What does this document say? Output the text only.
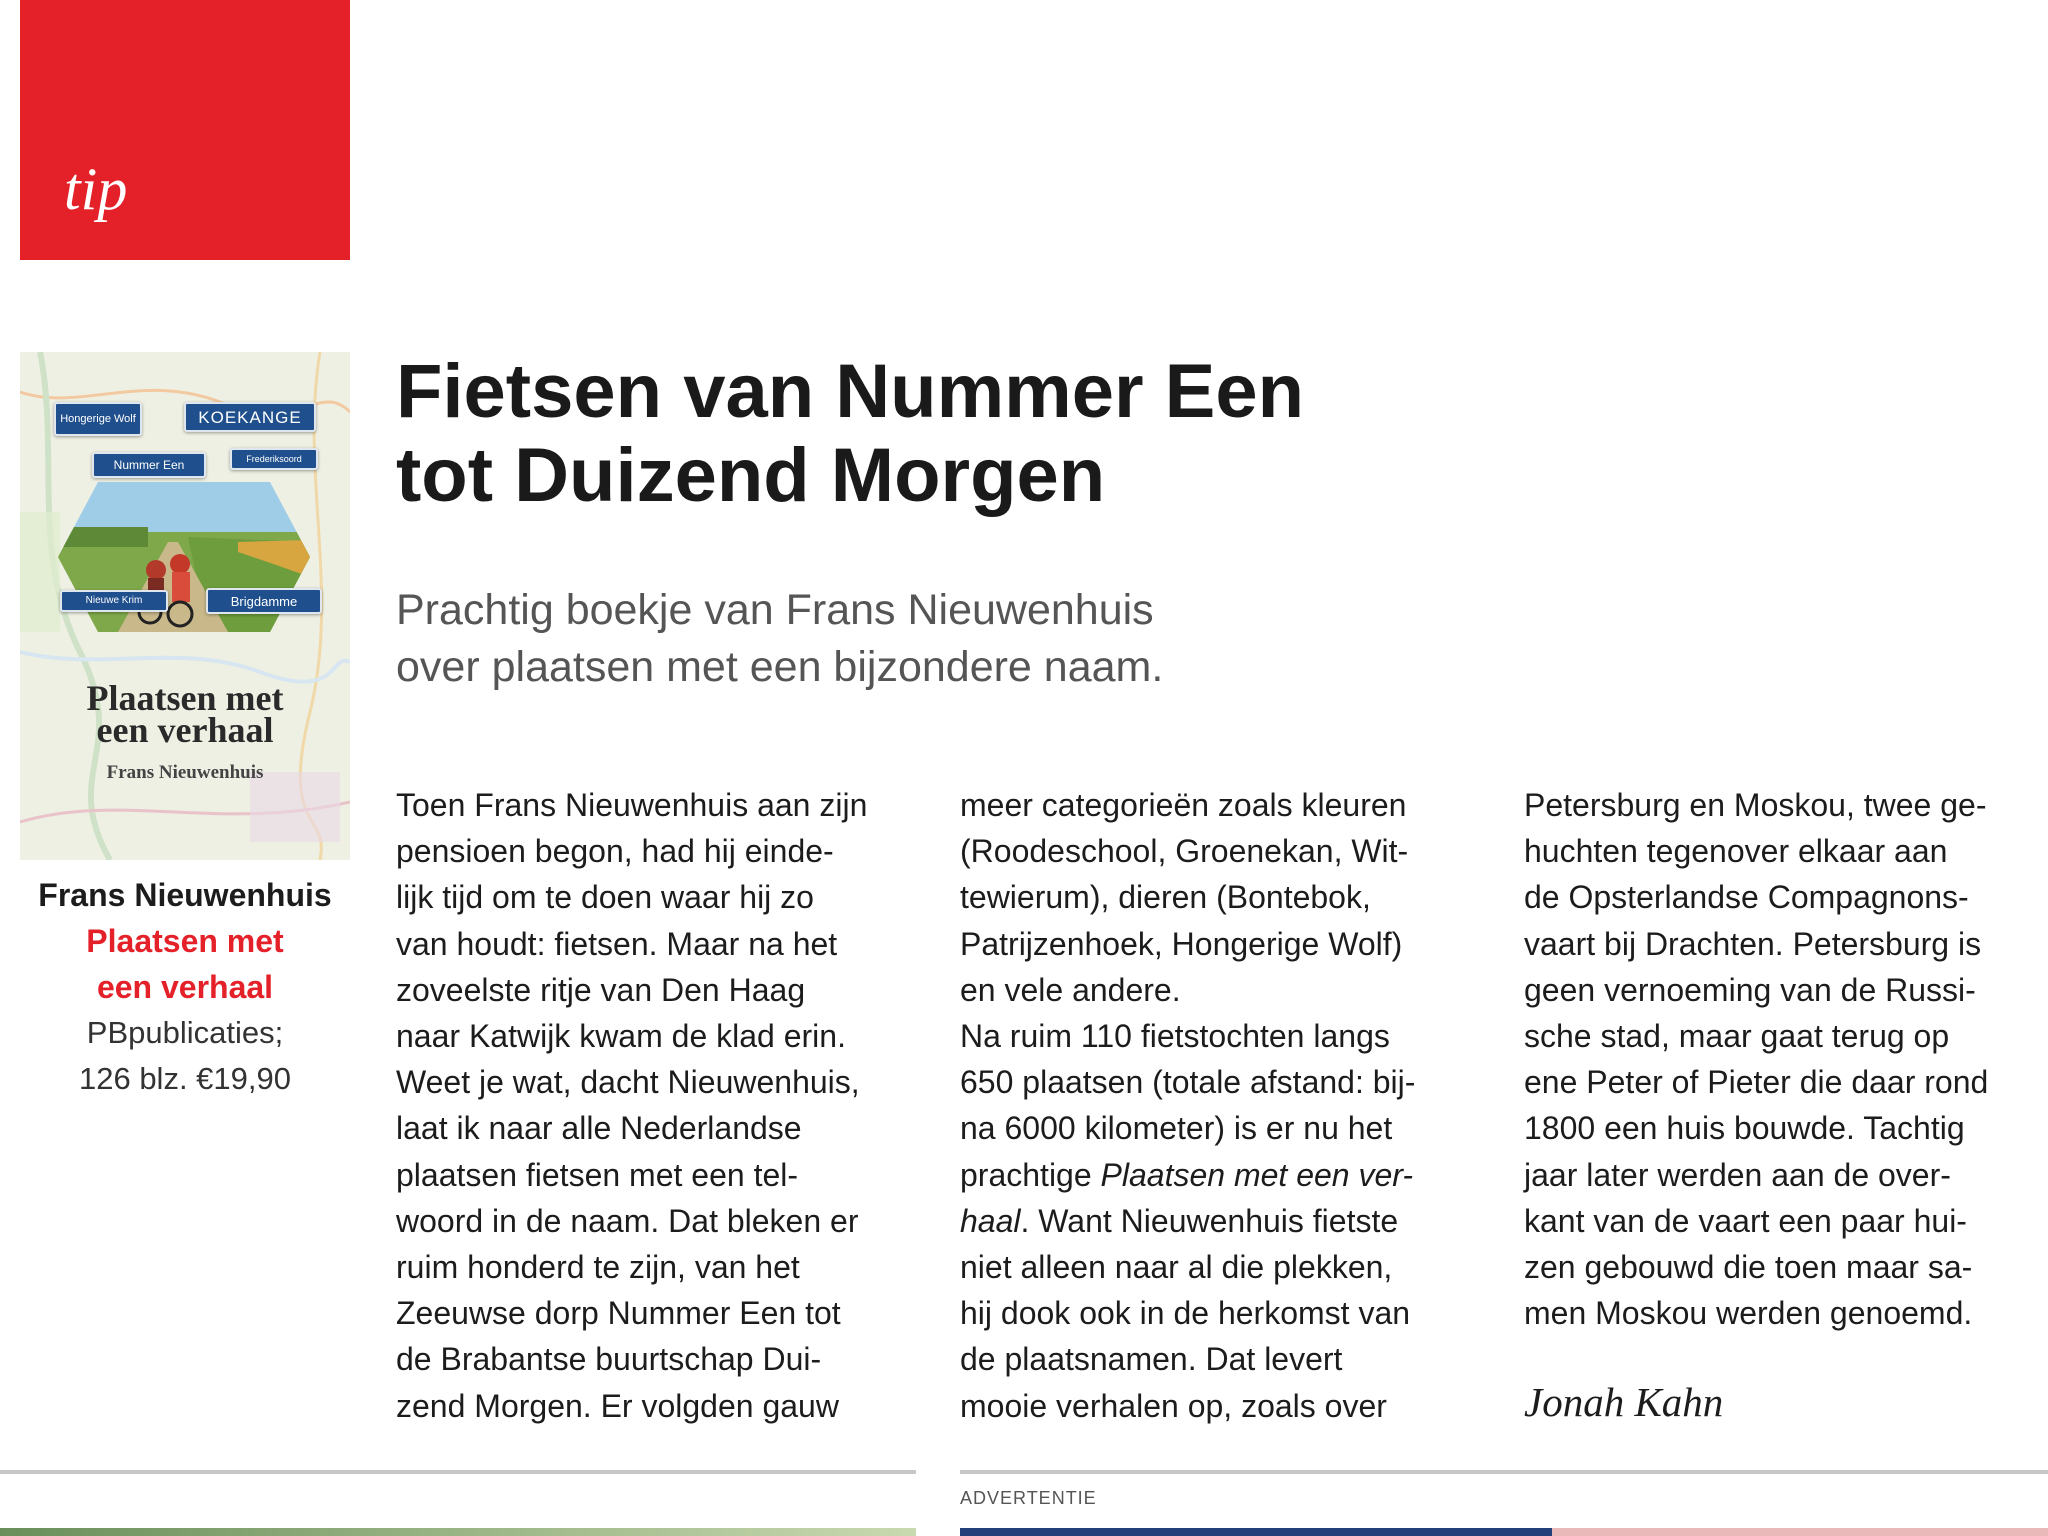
tip
Hongerige Wolf	KOEKANGE
Nummer Een	Frederiksoord
Nieuwe Krim	Brigdamme
Plaatsen met
een verhaal
Frans Nieuwenhuis
Frans Nieuwenhuis
Plaatsen met
een verhaal
PBpublicaties;
126 blz. €19,90
Fietsen van Nummer Een
tot Duizend Morgen
Prachtig boekje van Frans Nieuwenhuis
over plaatsen met een bijzondere naam.
Toen Frans Nieuwenhuis aan zijn
pensioen begon, had hij einde-
lijk tijd om te doen waar hij zo
van houdt: fietsen. Maar na het
zoveelste ritje van Den Haag
naar Katwijk kwam de klad erin.
Weet je wat, dacht Nieuwenhuis,
laat ik naar alle Nederlandse
plaatsen fietsen met een tel-
woord in de naam. Dat bleken er
ruim honderd te zijn, van het
Zeeuwse dorp Nummer Een tot
de Brabantse buurtschap Dui-
zend Morgen. Er volgden gauw
meer categorieën zoals kleuren
(Roodeschool, Groenekan, Wit-
tewierum), dieren (Bontebok,
Patrijzenhoek, Hongerige Wolf)
en vele andere.
Na ruim 110 fietstochten langs
650 plaatsen (totale afstand: bij-
na 6000 kilometer) is er nu het
prachtige Plaatsen met een ver-
haal. Want Nieuwenhuis fietste
niet alleen naar al die plekken,
hij dook ook in de herkomst van
de plaatsnamen. Dat levert
mooie verhalen op, zoals over
Petersburg en Moskou, twee ge-
huchten tegenover elkaar aan
de Opsterlandse Compagnons-
vaart bij Drachten. Petersburg is
geen vernoeming van de Russi-
sche stad, maar gaat terug op
ene Peter of Pieter die daar rond
1800 een huis bouwde. Tachtig
jaar later werden aan de over-
kant van de vaart een paar hui-
zen gebouwd die toen maar sa-
men Moskou werden genoemd.
Jonah Kahn
ADVERTENTIE
